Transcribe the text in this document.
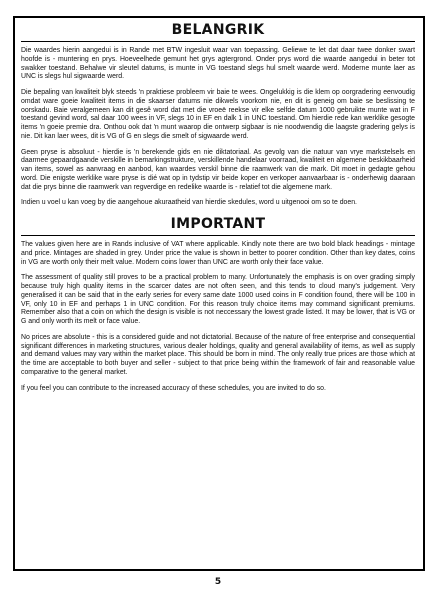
BELANGRIK

Die waardes hierin aangedui is in Rande met BTW ingesluit waar van toepassing. Geliewe te let dat daar twee donker swart hoofde is - muntering en prys. Hoeveelhede gemunt het grys agtergrond. Onder prys word die waarde aangedui in beter tot swakker toestand. Behalwe vir sleutel datums, is munte in VG toestand slegs hul smelt waarde werd. Moderne munte laer as UNC is slegs hul sigwaarde werd.

Die bepaling van kwaliteit blyk steeds 'n praktiese probleem vir baie te wees. Ongelukkig is die klem op oorgradering eenvoudig omdat ware goeie kwaliteit items in die skaarser datums nie dikwels voorkom nie, en dit is geneig om baie se beslissing te oorskadu. Baie veralgemeen kan dit gesê word dat met die vroeë reekse vir elke selfde datum 1000 gebruikte munte wat in F toestand gevind word, sal daar 100 wees in VF, slegs 10 in EF en dalk 1 in UNC toestand. Om hierdie rede kan werklike gesogte items 'n goeie premie dra. Onthou ook dat 'n munt waarop die ontwerp sigbaar is nie noodwendig die laagste gradering gelys is nie. Dit kan laer wees, dit is VG of G en slegs die smelt of sigwaarde werd.

Geen pryse is absoluut - hierdie is 'n berekende gids en nie diktatoriaal. As gevolg van die natuur van vrye markstelsels en daarmee gepaardgaande verskille in bemarkingstrukture, verskillende handelaar voorraad, kwaliteit en algemene beskikbaarheid van items, sowel as aanvraag en aanbod, kan waardes verskil binne die raamwerk van die mark. Dit moet in gedagte gehou word. Die enigste werklike ware pryse is dié wat op in tydstip vir beide koper en verkoper aanvaarbaar is - onderhewig daaraan dat die prys binne die raamwerk van regverdige en redelike waarde is - relatief tot die algemene mark.

Indien u voel u kan voeg by die aangehoue akuraatheid van hierdie skedules, word u uitgenooi om so te doen.

IMPORTANT

The values given here are in Rands inclusive of VAT where applicable. Kindly note there are two bold black headings - mintage and price. Mintages are shaded in grey. Under price the value is shown in better to poorer condition. Other than key dates, coins in VG are worth only their melt value. Modern coins lower than UNC are worth only their face value.

The assessment of quality still proves to be a practical problem to many. Unfortunately the emphasis is on over grading simply because truly high quality items in the scarcer dates are not often seen, and this tends to cloud many's judgement. Very generalised it can be said that in the early series for every same date 1000 used coins in F condition found, there will be 100 in VF, only 10 in EF and perhaps 1 in UNC condition. For this reason truly choice items may command significant premiums. Remember also that a coin on which the design is visible is not neccessary the lowest grade listed. It may be lower, that is VG or G and only worth its melt or face value.

No prices are absolute - this is a considered guide and not dictatorial. Because of the nature of free enterprise and consequential significant differences in marketing structures, various dealer holdings, quality and general availability of items, as well as supply and demand values may vary within the market place. This should be born in mind. The only really true prices are those which at the time are acceptable to both buyer and seller - subject to that price being within the framework of fair and reasonable value comparative to the general market.

If you feel you can contribute to the increased accuracy of these schedules, you are invited to do so.

5
